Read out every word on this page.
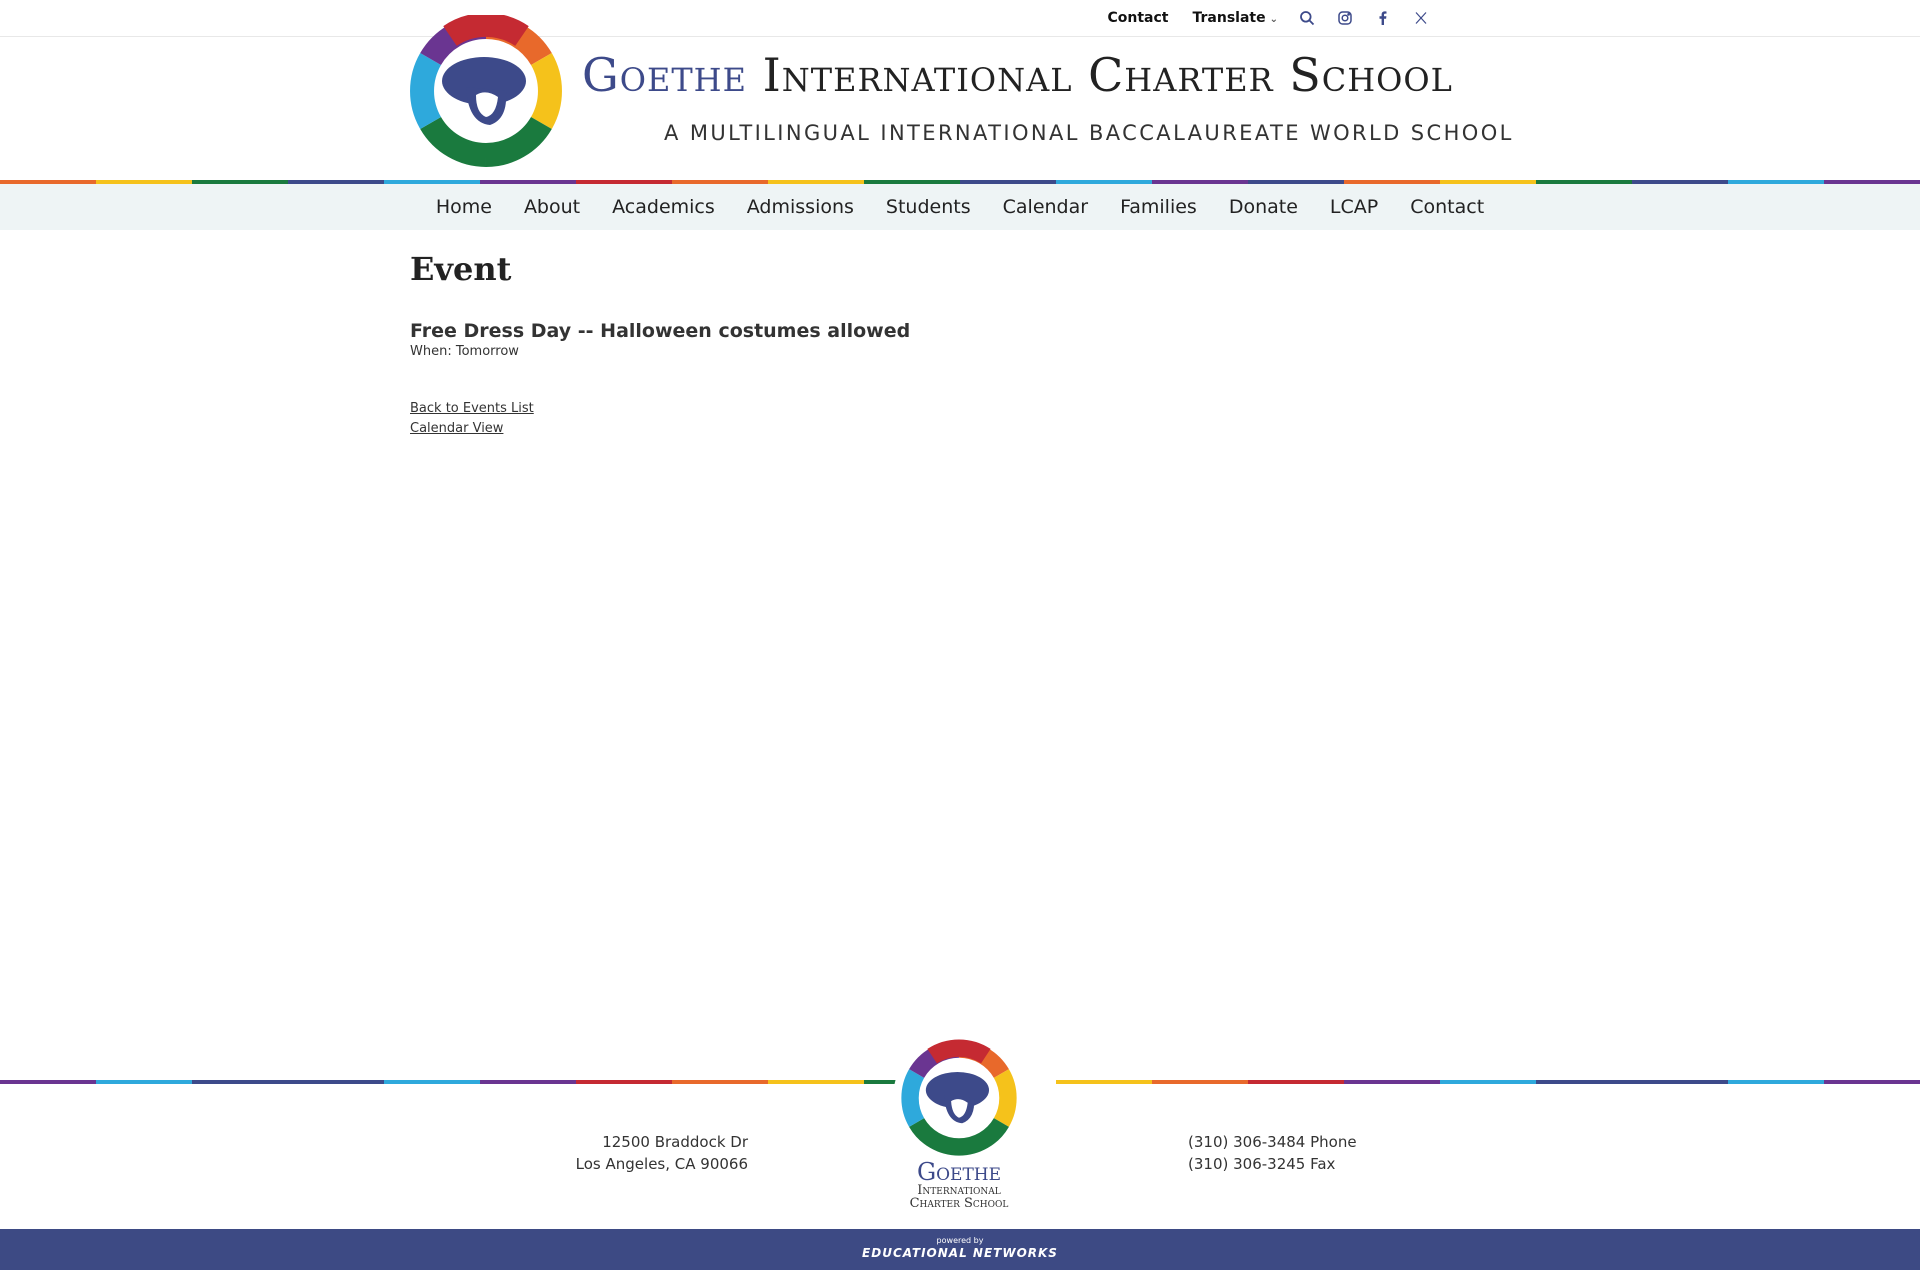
Contact Translate ⌄
Goethe International Charter School
A MULTILINGUAL INTERNATIONAL BACCALAUREATE WORLD SCHOOL
Home	About	Academics	Admissions	Students	Calendar	Families	Donate	LCAP	Contact
Event
Free Dress Day -- Halloween costumes allowed
When: Tomorrow
Back to Events List
Calendar View
Goethe
International
Charter School
12500 Braddock Dr
Los Angeles, CA 90066
(310) 306-3484 Phone
(310) 306-3245 Fax
powered by
EDUCATIONAL NETWORKS
